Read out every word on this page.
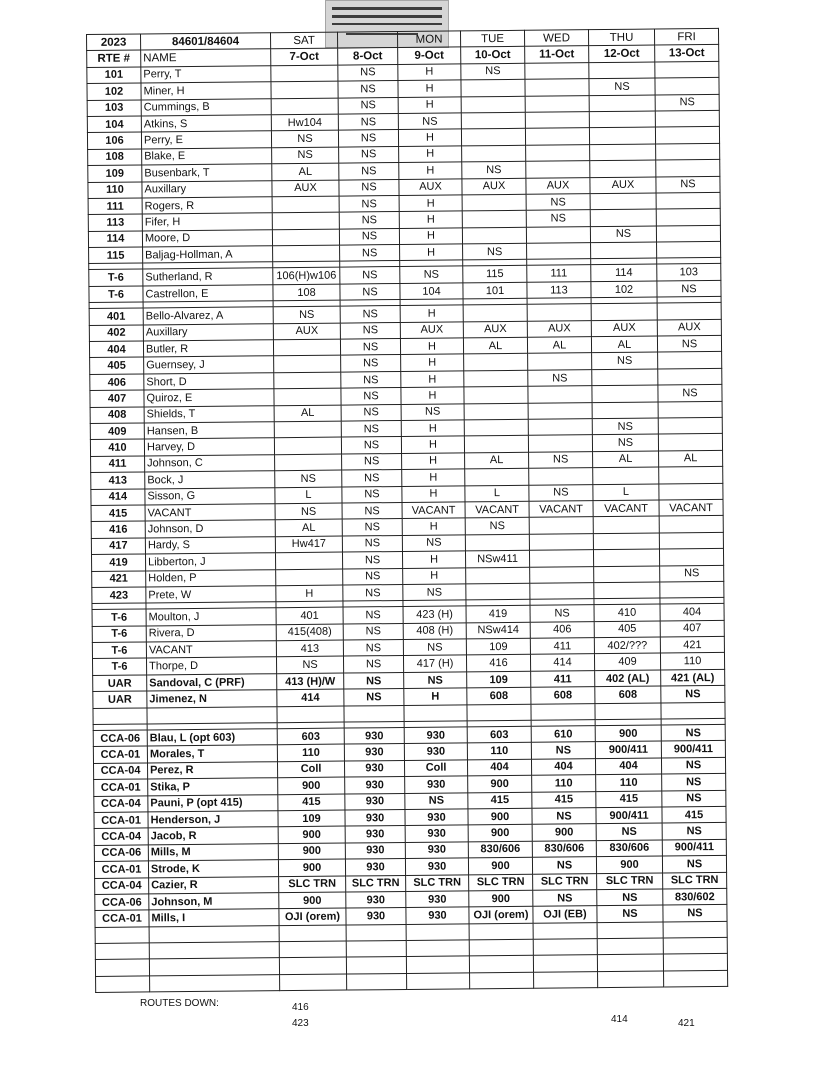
2023	84601/84604	SAT		MON	TUE	WED	THU	FRI
RTE #	NAME	7-Oct	8-Oct	9-Oct	10-Oct	11-Oct	12-Oct	13-Oct
101	Perry, T		NS	H	NS			
102	Miner, H		NS	H			NS	
103	Cummings, B		NS	H				NS
104	Atkins, S	Hw104	NS	NS				
106	Perry, E	NS	NS	H				
108	Blake, E	NS	NS	H				
109	Busenbark, T	AL	NS	H	NS			
110	Auxillary	AUX	NS	AUX	AUX	AUX	AUX	NS
111	Rogers, R		NS	H		NS		
113	Fifer, H		NS	H		NS		
114	Moore, D		NS	H			NS	
115	Baljag-Hollman, A		NS	H	NS			

T-6	Sutherland, R	106(H)w106	NS	NS	115	111	114	103
T-6	Castrellon, E	108	NS	104	101	113	102	NS

401	Bello-Alvarez, A	NS	NS	H				
402	Auxillary	AUX	NS	AUX	AUX	AUX	AUX	AUX
404	Butler, R		NS	H	AL	AL	AL	NS
405	Guernsey, J		NS	H			NS	
406	Short, D		NS	H		NS		
407	Quiroz, E		NS	H				NS
408	Shields, T	AL	NS	NS				
409	Hansen, B		NS	H			NS	
410	Harvey, D		NS	H			NS	
411	Johnson, C		NS	H	AL	NS	AL	AL
413	Bock, J	NS	NS	H				
414	Sisson, G	L	NS	H	L	NS	L	
415	VACANT	NS	NS	VACANT	VACANT	VACANT	VACANT	VACANT
416	Johnson, D	AL	NS	H	NS			
417	Hardy, S	Hw417	NS	NS				
419	Libberton, J		NS	H	NSw411			
421	Holden, P		NS	H				NS
423	Prete, W	H	NS	NS				

T-6	Moulton, J	401	NS	423 (H)	419	NS	410	404
T-6	Rivera, D	415(408)	NS	408 (H)	NSw414	406	405	407
T-6	VACANT	413	NS	NS	109	411	402/???	421
T-6	Thorpe, D	NS	NS	417 (H)	416	414	409	110
UAR	Sandoval, C (PRF)	413 (H)/W	NS	NS	109	411	402 (AL)	421 (AL)
UAR	Jimenez, N	414	NS	H	608	608	608	NS

CCA-06	Blau, L (opt 603)	603	930	930	603	610	900	NS
CCA-01	Morales, T	110	930	930	110	NS	900/411	900/411
CCA-04	Perez, R	Coll	930	Coll	404	404	404	NS
CCA-01	Stika, P	900	930	930	900	110	110	NS
CCA-04	Pauni, P (opt 415)	415	930	NS	415	415	415	NS
CCA-01	Henderson, J	109	930	930	900	NS	900/411	415
CCA-04	Jacob, R	900	930	930	900	900	NS	NS
CCA-06	Mills, M	900	930	930	830/606	830/606	830/606	900/411
CCA-01	Strode, K	900	930	930	900	NS	900	NS
CCA-04	Cazier, R	SLC TRN	SLC TRN	SLC TRN	SLC TRN	SLC TRN	SLC TRN	SLC TRN
CCA-06	Johnson, M	900	930	930	900	NS	NS	830/602
CCA-01	Mills, I	OJI (orem)	930	930	OJI (orem)	OJI (EB)	NS	NS

ROUTES DOWN:	416
423	414	421
